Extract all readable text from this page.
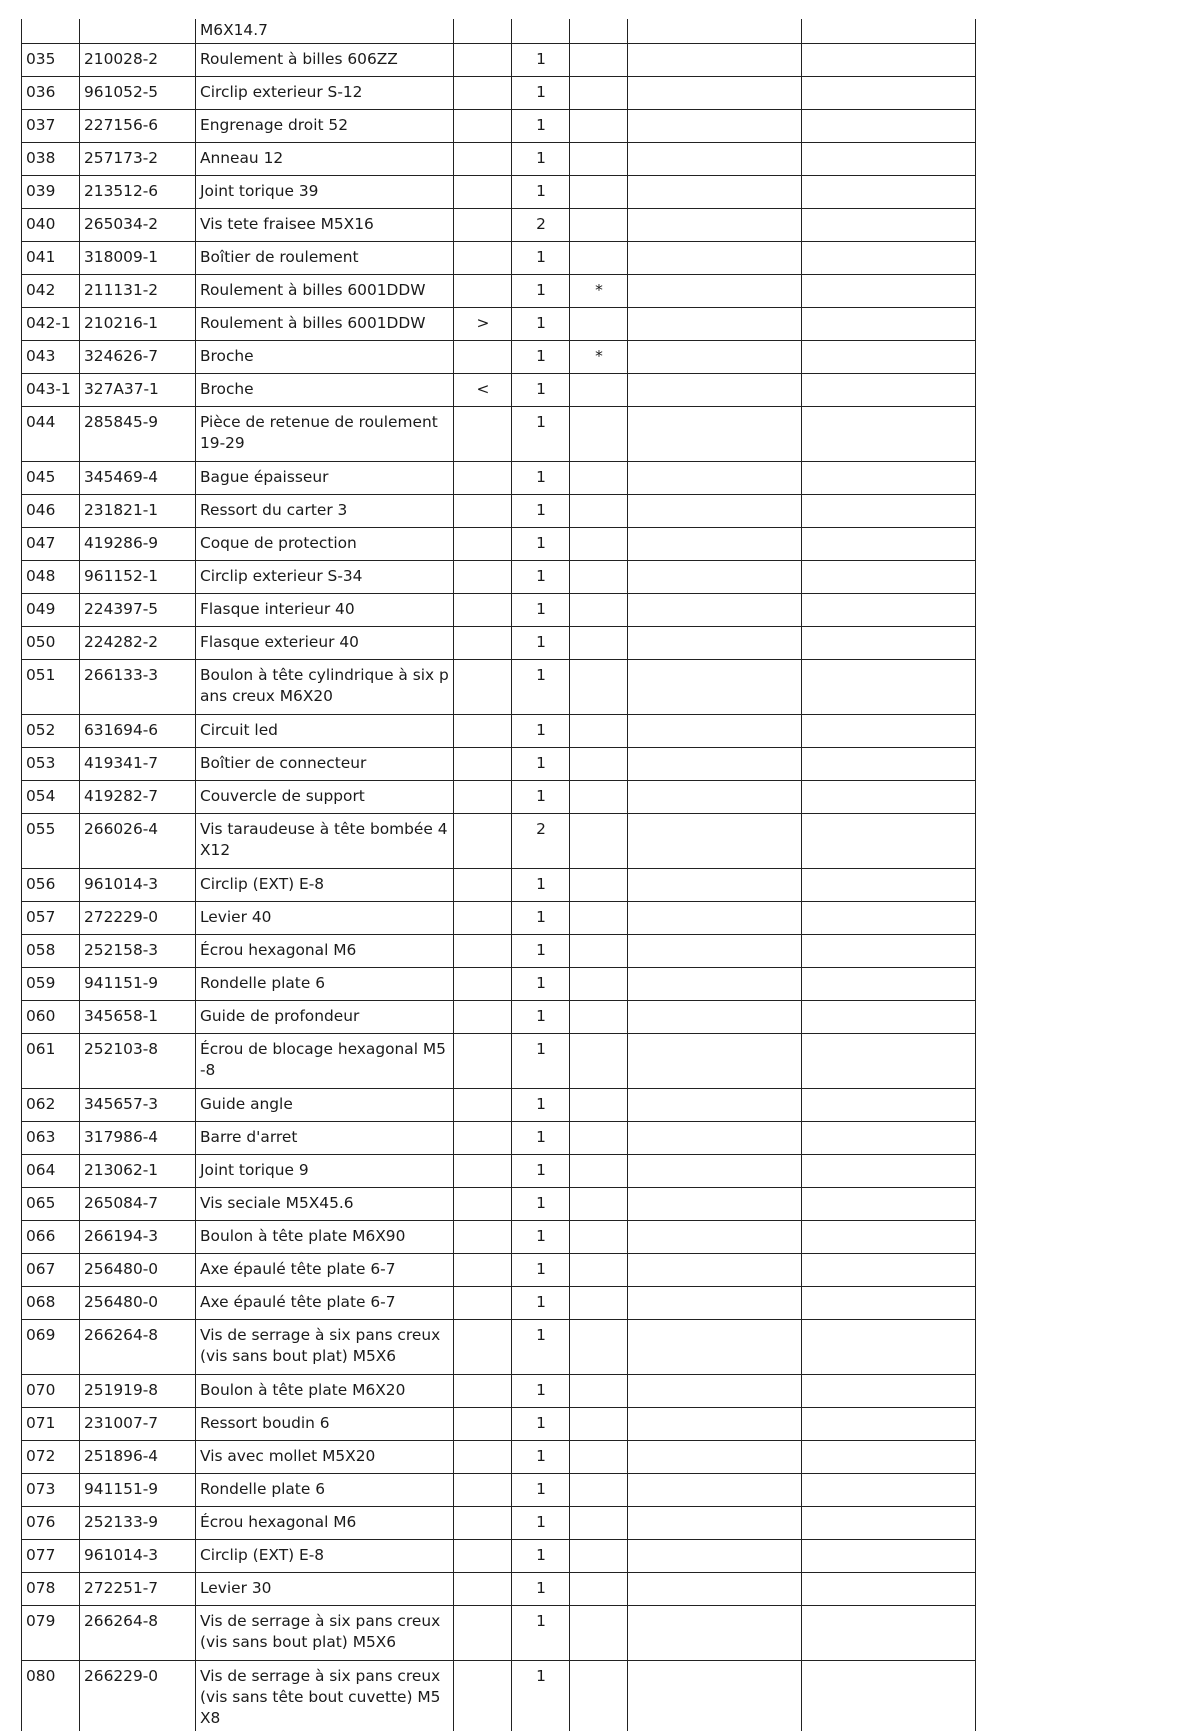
		M6X14.7					
035	210028-2	Roulement à billes 606ZZ		1			
036	961052-5	Circlip exterieur S-12		1			
037	227156-6	Engrenage droit 52		1			
038	257173-2	Anneau 12		1			
039	213512-6	Joint torique 39		1			
040	265034-2	Vis tete fraisee M5X16		2			
041	318009-1	Boîtier de roulement		1			
042	211131-2	Roulement à billes 6001DDW		1	*		
042-1	210216-1	Roulement à billes 6001DDW	>	1			
043	324626-7	Broche		1	*		
043-1	327A37-1	Broche	<	1			
044	285845-9	Pièce de retenue de roulement 19-29		1			
045	345469-4	Bague épaisseur		1			
046	231821-1	Ressort du carter 3		1			
047	419286-9	Coque de protection		1			
048	961152-1	Circlip exterieur S-34		1			
049	224397-5	Flasque interieur 40		1			
050	224282-2	Flasque exterieur 40		1			
051	266133-3	Boulon à tête cylindrique à six pans creux M6X20		1			
052	631694-6	Circuit led		1			
053	419341-7	Boîtier de connecteur		1			
054	419282-7	Couvercle de support		1			
055	266026-4	Vis taraudeuse à tête bombée 4X12		2			
056	961014-3	Circlip (EXT) E-8		1			
057	272229-0	Levier 40		1			
058	252158-3	Écrou hexagonal M6		1			
059	941151-9	Rondelle plate 6		1			
060	345658-1	Guide de profondeur		1			
061	252103-8	Écrou de blocage hexagonal M5-8		1			
062	345657-3	Guide angle		1			
063	317986-4	Barre d'arret		1			
064	213062-1	Joint torique 9		1			
065	265084-7	Vis seciale M5X45.6		1			
066	266194-3	Boulon à tête plate M6X90		1			
067	256480-0	Axe épaulé tête plate 6-7		1			
068	256480-0	Axe épaulé tête plate 6-7		1			
069	266264-8	Vis de serrage à six pans creux (vis sans bout plat) M5X6		1			
070	251919-8	Boulon à tête plate M6X20		1			
071	231007-7	Ressort boudin 6		1			
072	251896-4	Vis avec mollet M5X20		1			
073	941151-9	Rondelle plate 6		1			
076	252133-9	Écrou hexagonal M6		1			
077	961014-3	Circlip (EXT) E-8		1			
078	272251-7	Levier 30		1			
079	266264-8	Vis de serrage à six pans creux (vis sans bout plat) M5X6		1			
080	266229-0	Vis de serrage à six pans creux (vis sans tête bout cuvette) M5X8		1			
